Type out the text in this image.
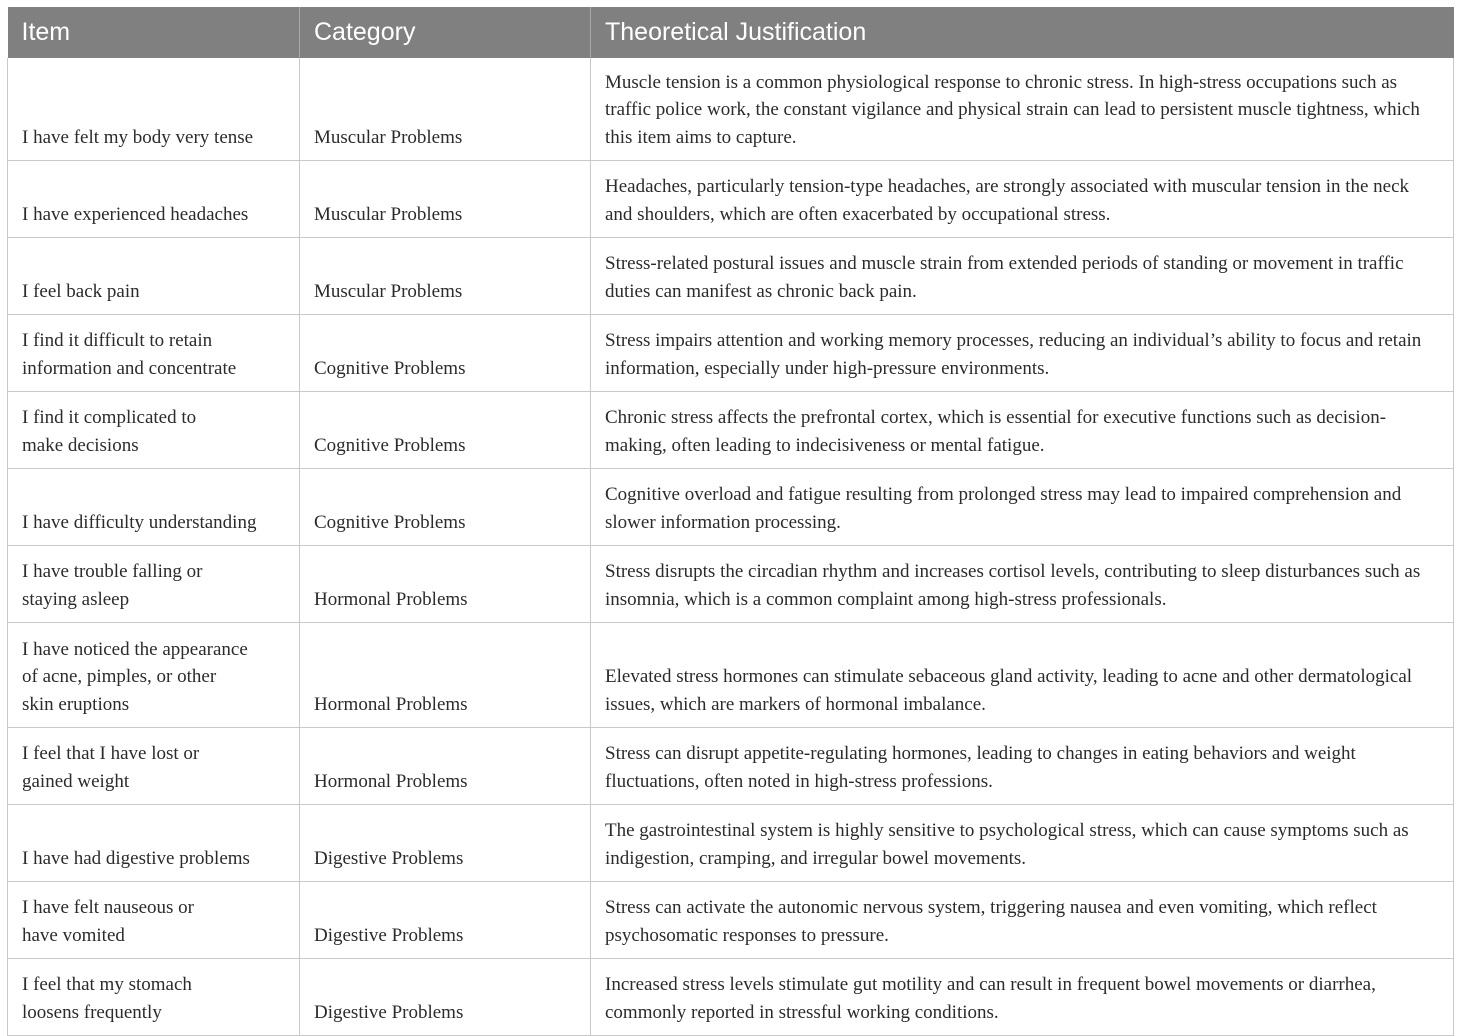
Item	Category	Theoretical Justification
I have felt my body very tense	Muscular Problems	Muscle tension is a common physiological response to chronic stress. In high-stress occupations such as traffic police work, the constant vigilance and physical strain can lead to persistent muscle tightness, which this item aims to capture.
I have experienced headaches	Muscular Problems	Headaches, particularly tension-type headaches, are strongly associated with muscular tension in the neck and shoulders, which are often exacerbated by occupational stress.
I feel back pain	Muscular Problems	Stress-related postural issues and muscle strain from extended periods of standing or movement in traffic duties can manifest as chronic back pain.
I find it difficult to retain
information and concentrate	Cognitive Problems	Stress impairs attention and working memory processes, reducing an individual’s ability to focus and retain information, especially under high-pressure environments.
I find it complicated to
make decisions	Cognitive Problems	Chronic stress affects the prefrontal cortex, which is essential for executive functions such as decision-making, often leading to indecisiveness or mental fatigue.
I have difficulty understanding	Cognitive Problems	Cognitive overload and fatigue resulting from prolonged stress may lead to impaired comprehension and slower information processing.
I have trouble falling or
staying asleep	Hormonal Problems	Stress disrupts the circadian rhythm and increases cortisol levels, contributing to sleep disturbances such as insomnia, which is a common complaint among high-stress professionals.
I have noticed the appearance
of acne, pimples, or other
skin eruptions	Hormonal Problems	Elevated stress hormones can stimulate sebaceous gland activity, leading to acne and other dermatological issues, which are markers of hormonal imbalance.
I feel that I have lost or
gained weight	Hormonal Problems	Stress can disrupt appetite-regulating hormones, leading to changes in eating behaviors and weight fluctuations, often noted in high-stress professions.
I have had digestive problems	Digestive Problems	The gastrointestinal system is highly sensitive to psychological stress, which can cause symptoms such as indigestion, cramping, and irregular bowel movements.
I have felt nauseous or
have vomited	Digestive Problems	Stress can activate the autonomic nervous system, triggering nausea and even vomiting, which reflect psychosomatic responses to pressure.
I feel that my stomach
loosens frequently	Digestive Problems	Increased stress levels stimulate gut motility and can result in frequent bowel movements or diarrhea, commonly reported in stressful working conditions.
